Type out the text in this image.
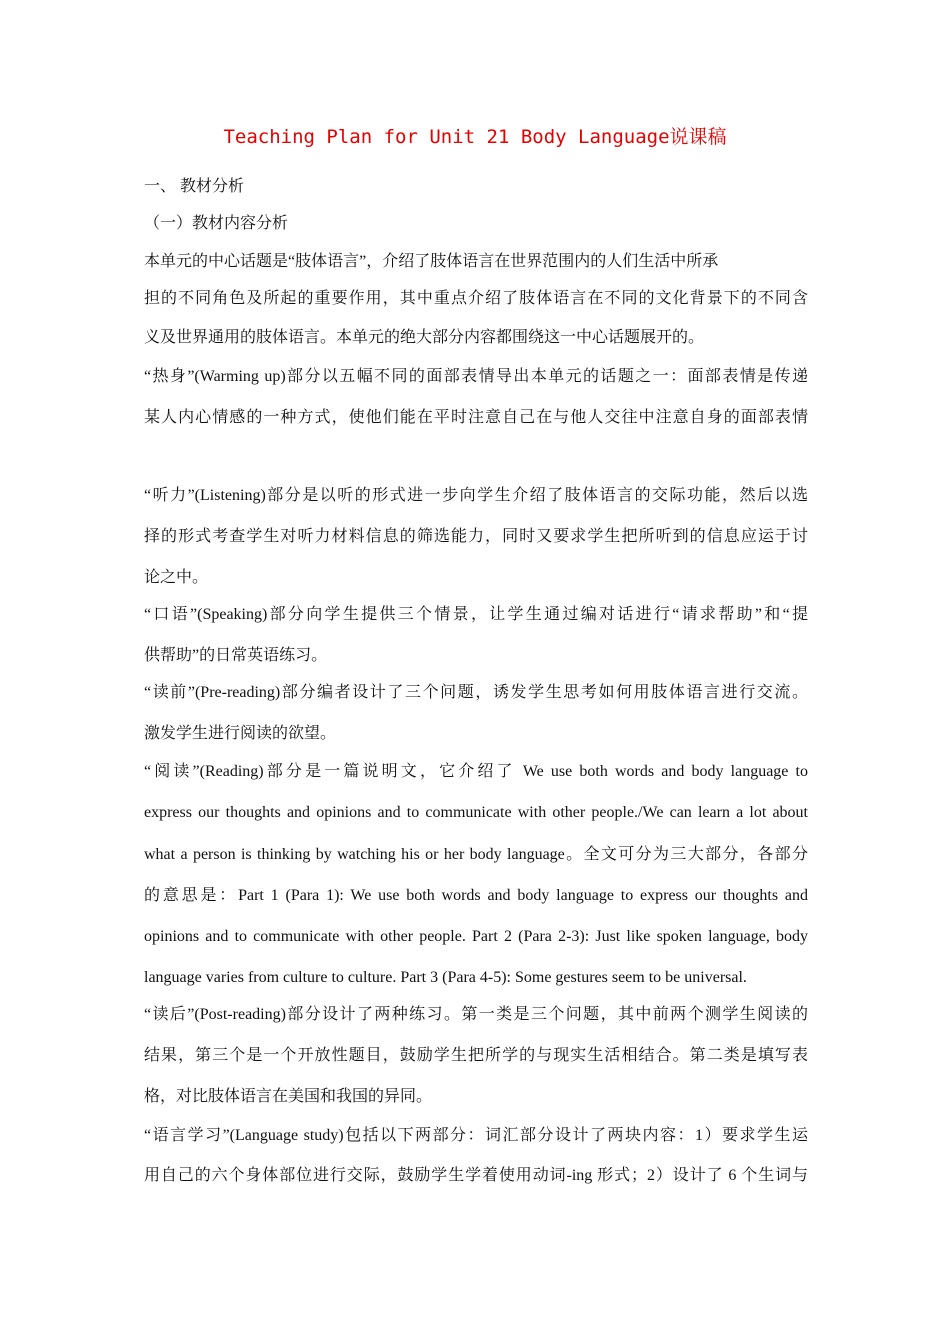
Teaching Plan for Unit 21 Body Language说课稿
一、 教材分析
（一）教材内容分析
本单元的中心话题是“肢体语言”，介绍了肢体语言在世界范围内的人们生活中所承
担的不同角色及所起的重要作用，其中重点介绍了肢体语言在不同的文化背景下的不同含
义及世界通用的肢体语言。本单元的绝大部分内容都围绕这一中心话题展开的。
“热身”(Warming up)部分以五幅不同的面部表情导出本单元的话题之一：面部表情是传递
某人内心情感的一种方式，使他们能在平时注意自己在与他人交往中注意自身的面部表情
“听力”(Listening)部分是以听的形式进一步向学生介绍了肢体语言的交际功能，然后以选
择的形式考查学生对听力材料信息的筛选能力，同时又要求学生把所听到的信息应运于讨
论之中。
“口语”(Speaking)部分向学生提供三个情景，让学生通过编对话进行“请求帮助”和“提
供帮助”的日常英语练习。
“读前”(Pre-reading)部分编者设计了三个问题，诱发学生思考如何用肢体语言进行交流。
激发学生进行阅读的欲望。
“阅读”(Reading)部分是一篇说明文，它介绍了 We use both words and body language to
express our thoughts and opinions and to communicate with other people./We can learn a lot about
what a person is thinking by watching his or her body language。全文可分为三大部分，各部分
的意思是：Part 1 (Para 1): We use both words and body language to express our thoughts and
opinions and to communicate with other people. Part 2 (Para 2-3): Just like spoken language, body
language varies from culture to culture. Part 3 (Para 4-5): Some gestures seem to be universal.
“读后”(Post-reading)部分设计了两种练习。第一类是三个问题，其中前两个测学生阅读的
结果，第三个是一个开放性题目，鼓励学生把所学的与现实生活相结合。第二类是填写表
格，对比肢体语言在美国和我国的异同。
“语言学习”(Language study)包括以下两部分：词汇部分设计了两块内容：1）要求学生运
用自己的六个身体部位进行交际，鼓励学生学着使用动词-ing 形式；2）设计了 6 个生词与
